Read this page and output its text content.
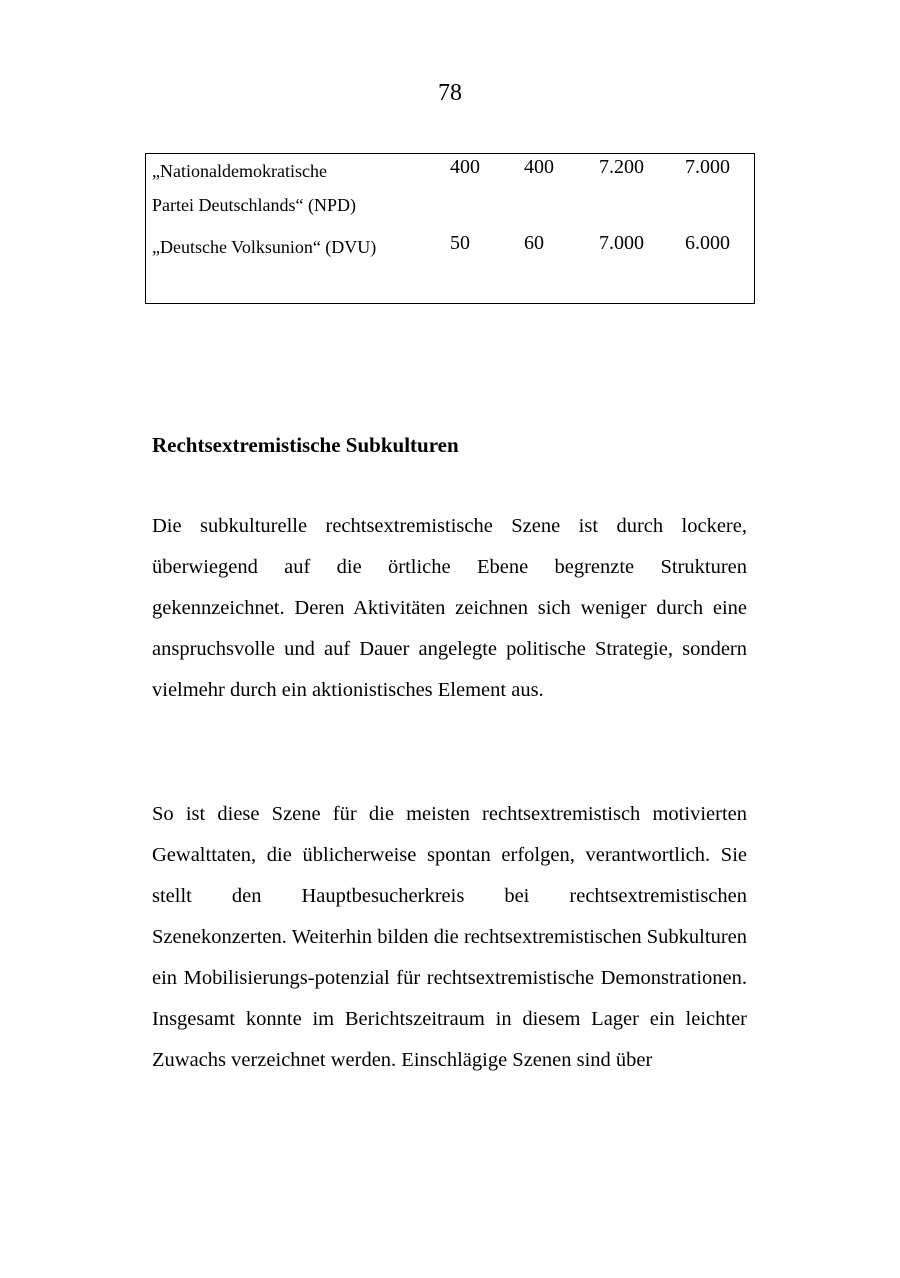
78
„Nationaldemokratische
Partei Deutschlands“ (NPD)
400 400 7.200 7.000
„Deutsche Volksunion“ (DVU)	50	60	7.000 6.000
Rechtsextremistische Subkulturen

Die subkulturelle rechtsextremistische Szene ist durch lockere, überwiegend auf die örtliche Ebene begrenzte Strukturen gekennzeichnet. Deren Aktivitäten zeichnen sich weniger durch eine anspruchsvolle und auf Dauer angelegte politische Strategie, sondern vielmehr durch ein aktionistisches Element aus.

So ist diese Szene für die meisten rechtsextremistisch motivierten Gewalttaten, die üblicherweise spontan erfolgen, verantwortlich. Sie stellt den Hauptbesucherkreis bei rechtsextremistischen Szenekonzerten. Weiterhin bilden die rechtsextremistischen Subkulturen ein Mobilisierungs-potenzial für rechtsextremistische Demonstrationen. Insgesamt konnte im Berichtszeitraum in diesem Lager ein leichter Zuwachs verzeichnet werden. Einschlägige Szenen sind über
